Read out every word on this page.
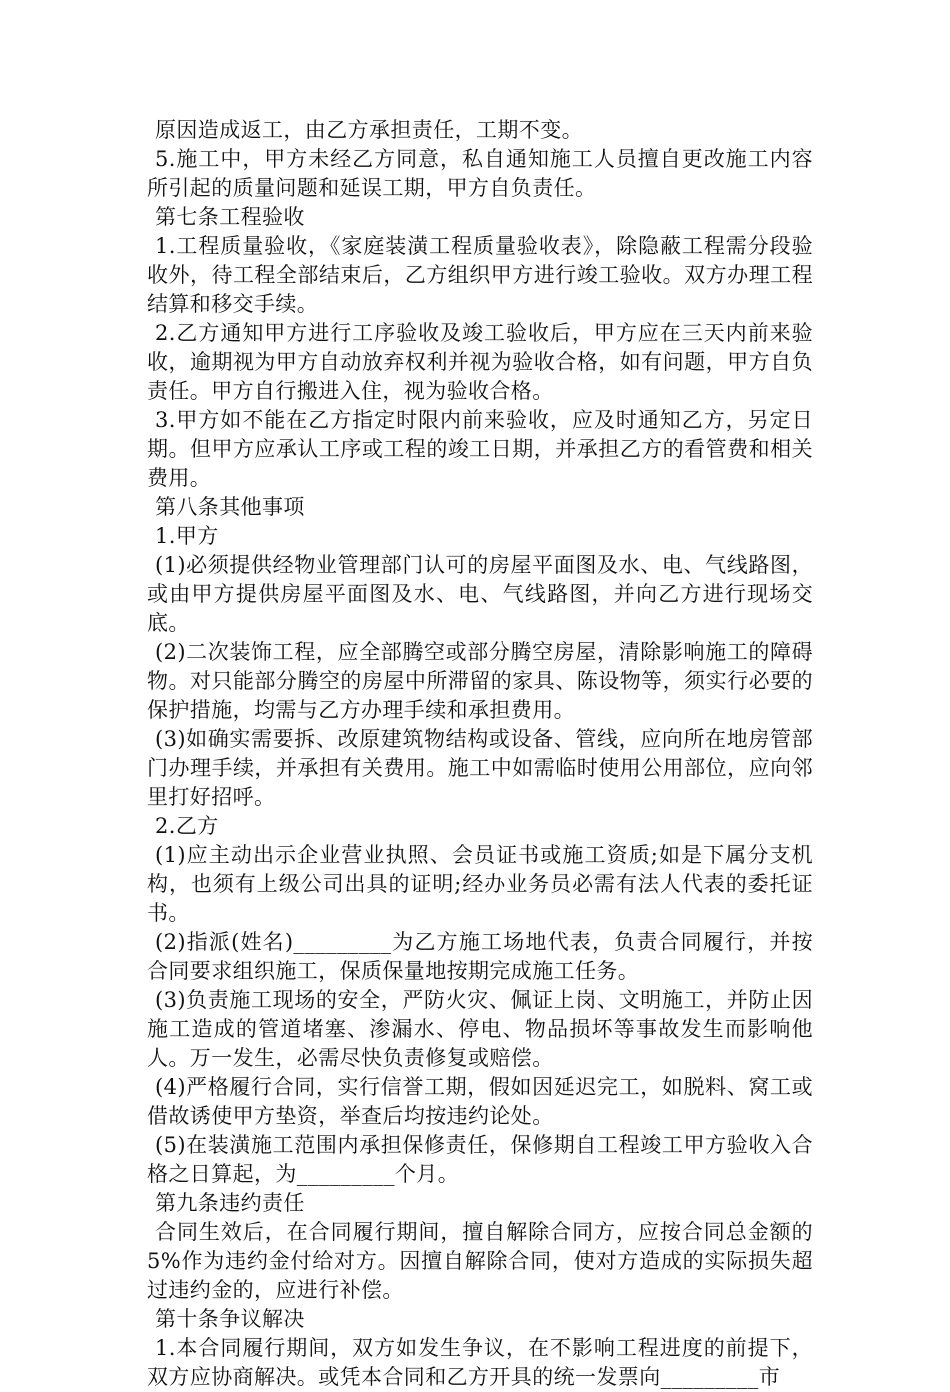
原因造成返工，由乙方承担责任，工期不变。

5.施工中，甲方未经乙方同意，私自通知施工人员擅自更改施工内容所引起的质量问题和延误工期，甲方自负责任。

第七条工程验收

1.工程质量验收，《家庭装潢工程质量验收表》，除隐蔽工程需分段验收外，待工程全部结束后，乙方组织甲方进行竣工验收。双方办理工程结算和移交手续。

2.乙方通知甲方进行工序验收及竣工验收后，甲方应在三天内前来验收，逾期视为甲方自动放弃权利并视为验收合格，如有问题，甲方自负责任。甲方自行搬进入住，视为验收合格。

3.甲方如不能在乙方指定时限内前来验收，应及时通知乙方，另定日期。但甲方应承认工序或工程的竣工日期，并承担乙方的看管费和相关费用。

第八条其他事项

1.甲方

(1)必须提供经物业管理部门认可的房屋平面图及水、电、气线路图，或由甲方提供房屋平面图及水、电、气线路图，并向乙方进行现场交底。

(2)二次装饰工程，应全部腾空或部分腾空房屋，清除影响施工的障碍物。对只能部分腾空的房屋中所滞留的家具、陈设物等，须实行必要的保护措施，均需与乙方办理手续和承担费用。

(3)如确实需要拆、改原建筑物结构或设备、管线，应向所在地房管部门办理手续，并承担有关费用。施工中如需临时使用公用部位，应向邻里打好招呼。

2.乙方

(1)应主动出示企业营业执照、会员证书或施工资质;如是下属分支机构，也须有上级公司出具的证明;经办业务员必需有法人代表的委托证书。

(2)指派(姓名)_________为乙方施工场地代表，负责合同履行，并按合同要求组织施工，保质保量地按期完成施工任务。

(3)负责施工现场的安全，严防火灾、佩证上岗、文明施工，并防止因施工造成的管道堵塞、渗漏水、停电、物品损坏等事故发生而影响他人。万一发生，必需尽快负责修复或赔偿。

(4)严格履行合同，实行信誉工期，假如因延迟完工，如脱料、窝工或借故诱使甲方垫资，举查后均按违约论处。

(5)在装潢施工范围内承担保修责任，保修期自工程竣工甲方验收入合格之日算起，为_________个月。

第九条违约责任

合同生效后，在合同履行期间，擅自解除合同方，应按合同总金额的5%作为违约金付给对方。因擅自解除合同，使对方造成的实际损失超过违约金的，应进行补偿。

第十条争议解决

1.本合同履行期间，双方如发生争议，在不影响工程进度的前提下，双方应协商解决。或凭本合同和乙方开具的统一发票向_________市
